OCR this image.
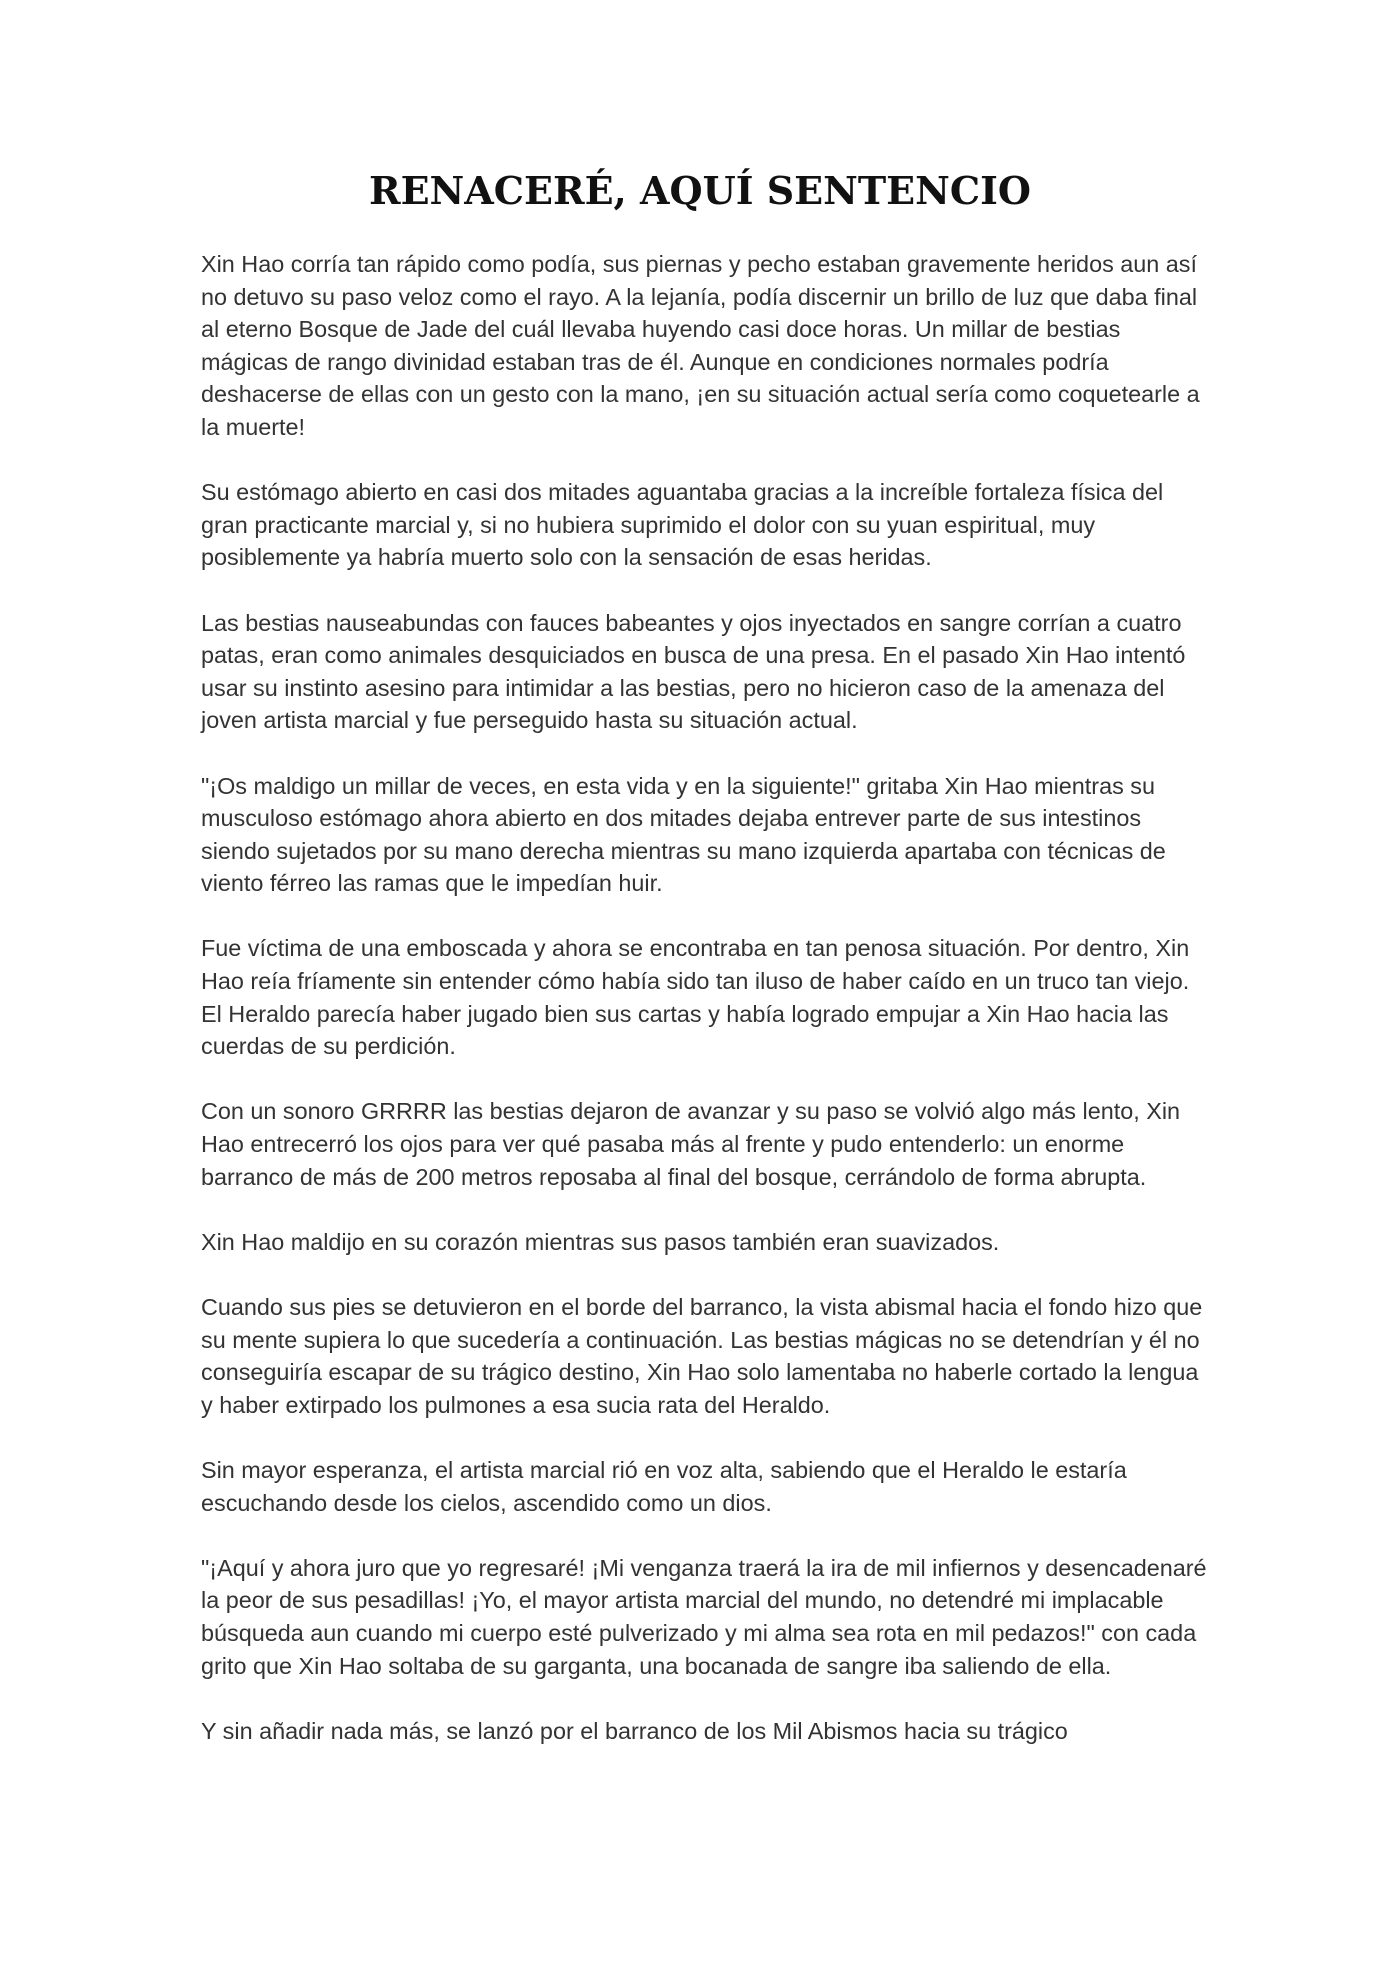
RENACERÉ, AQUÍ SENTENCIO

Xin Hao corría tan rápido como podía, sus piernas y pecho estaban gravemente heridos aun así no detuvo su paso veloz como el rayo. A la lejanía, podía discernir un brillo de luz que daba final al eterno Bosque de Jade del cuál llevaba huyendo casi doce horas. Un millar de bestias mágicas de rango divinidad estaban tras de él. Aunque en condiciones normales podría deshacerse de ellas con un gesto con la mano, ¡en su situación actual sería como coquetearle a la muerte!

Su estómago abierto en casi dos mitades aguantaba gracias a la increíble fortaleza física del gran practicante marcial y, si no hubiera suprimido el dolor con su yuan espiritual, muy posiblemente ya habría muerto solo con la sensación de esas heridas.

Las bestias nauseabundas con fauces babeantes y ojos inyectados en sangre corrían a cuatro patas, eran como animales desquiciados en busca de una presa. En el pasado Xin Hao intentó usar su instinto asesino para intimidar a las bestias, pero no hicieron caso de la amenaza del joven artista marcial y fue perseguido hasta su situación actual.

"¡Os maldigo un millar de veces, en esta vida y en la siguiente!" gritaba Xin Hao mientras su musculoso estómago ahora abierto en dos mitades dejaba entrever parte de sus intestinos siendo sujetados por su mano derecha mientras su mano izquierda apartaba con técnicas de viento férreo las ramas que le impedían huir.

Fue víctima de una emboscada y ahora se encontraba en tan penosa situación. Por dentro, Xin Hao reía fríamente sin entender cómo había sido tan iluso de haber caído en un truco tan viejo. El Heraldo parecía haber jugado bien sus cartas y había logrado empujar a Xin Hao hacia las cuerdas de su perdición.

Con un sonoro GRRRR las bestias dejaron de avanzar y su paso se volvió algo más lento, Xin Hao entrecerró los ojos para ver qué pasaba más al frente y pudo entenderlo: un enorme barranco de más de 200 metros reposaba al final del bosque, cerrándolo de forma abrupta.

Xin Hao maldijo en su corazón mientras sus pasos también eran suavizados.

Cuando sus pies se detuvieron en el borde del barranco, la vista abismal hacia el fondo hizo que su mente supiera lo que sucedería a continuación. Las bestias mágicas no se detendrían y él no conseguiría escapar de su trágico destino, Xin Hao solo lamentaba no haberle cortado la lengua y haber extirpado los pulmones a esa sucia rata del Heraldo.

Sin mayor esperanza, el artista marcial rió en voz alta, sabiendo que el Heraldo le estaría escuchando desde los cielos, ascendido como un dios.

"¡Aquí y ahora juro que yo regresaré! ¡Mi venganza traerá la ira de mil infiernos y desencadenaré la peor de sus pesadillas! ¡Yo, el mayor artista marcial del mundo, no detendré mi implacable búsqueda aun cuando mi cuerpo esté pulverizado y mi alma sea rota en mil pedazos!" con cada grito que Xin Hao soltaba de su garganta, una bocanada de sangre iba saliendo de ella.

Y sin añadir nada más, se lanzó por el barranco de los Mil Abismos hacia su trágico
